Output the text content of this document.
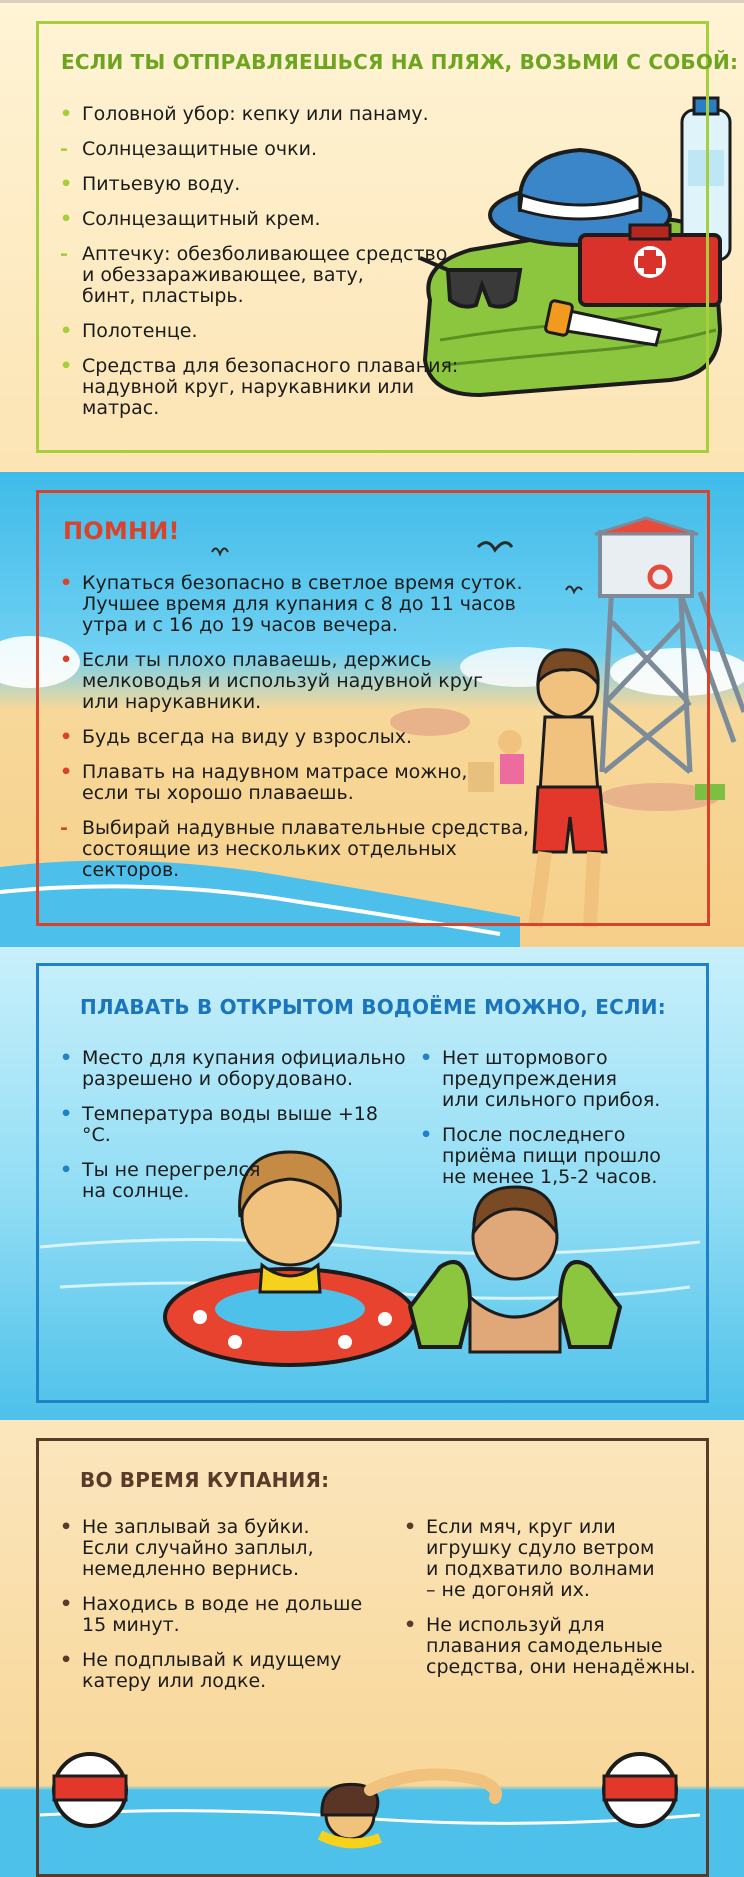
ЕСЛИ ТЫ ОТПРАВЛЯЕШЬСЯ НА ПЛЯЖ, ВОЗЬМИ С СОБОЙ:
• Головной убор: кепку или панаму.
- Солнцезащитные очки.
• Питьевую воду.
• Солнцезащитный крем.
- Аптечку: обезболивающее средство
и обеззараживающее, вату,
бинт, пластырь.
• Полотенце.
• Средства для безопасного плавания:
надувной круг, нарукавники или матрас.
ПОМНИ!
• Купаться безопасно в светлое время суток.
Лучшее время для купания с 8 до 11 часов
утра и с 16 до 19 часов вечера.
• Если ты плохо плаваешь, держись
мелководья и используй надувной круг
или нарукавники.
• Будь всегда на виду у взрослых.
• Плавать на надувном матрасе можно,
если ты хорошо плаваешь.
- Выбирай надувные плавательные средства,
состоящие из нескольких отдельных
секторов.
ПЛАВАТЬ В ОТКРЫТОМ ВОДОЁМЕ МОЖНО, ЕСЛИ:
• Место для купания официально
разрешено и оборудовано.
• Температура воды выше +18 °C.
• Ты не перегрелся
на солнце.
• Нет штормового
предупреждения
или сильного прибоя.
• После последнего
приёма пищи прошло
не менее 1,5-2 часов.
ВО ВРЕМЯ КУПАНИЯ:
• Не заплывай за буйки.
Если случайно заплыл,
немедленно вернись.
• Находись в воде не дольше
15 минут.
• Не подплывай к идущему
катеру или лодке.
• Если мяч, круг или
игрушку сдуло ветром
и подхватило волнами
– не догоняй их.
• Не используй для
плавания самодельные
средства, они ненадёжны.
